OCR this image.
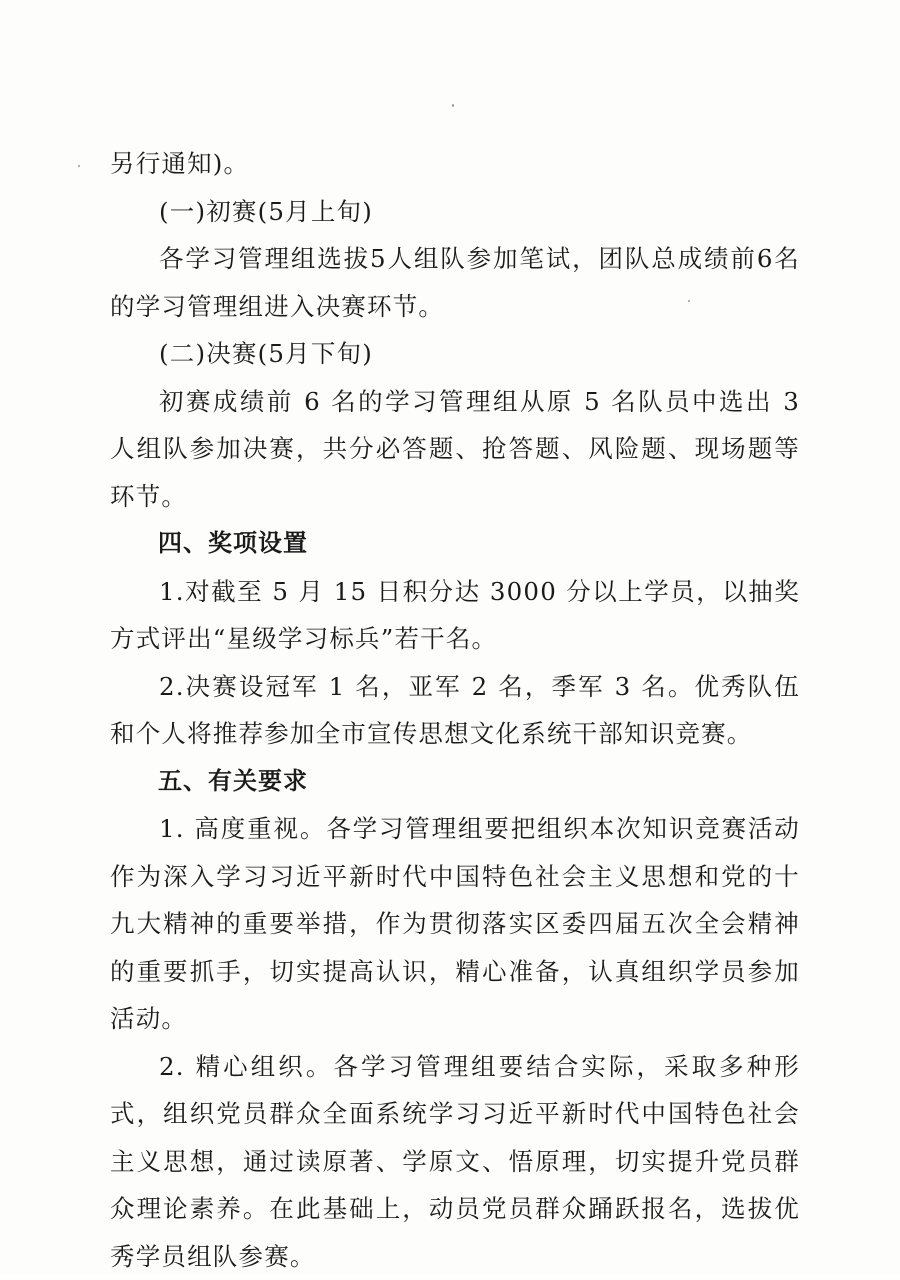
另行通知)。

(一)初赛(5月上旬)

各学习管理组选拔5人组队参加笔试，团队总成绩前6名的学习管理组进入决赛环节。

(二)决赛(5月下旬)

初赛成绩前 6 名的学习管理组从原 5 名队员中选出 3 人组队参加决赛，共分必答题、抢答题、风险题、现场题等环节。

四、奖项设置

1.对截至 5 月 15 日积分达 3000 分以上学员，以抽奖方式评出“星级学习标兵”若干名。

2.决赛设冠军 1 名，亚军 2 名，季军 3 名。优秀队伍和个人将推荐参加全市宣传思想文化系统干部知识竞赛。

五、有关要求

1. 高度重视。各学习管理组要把组织本次知识竞赛活动作为深入学习习近平新时代中国特色社会主义思想和党的十九大精神的重要举措，作为贯彻落实区委四届五次全会精神的重要抓手，切实提高认识，精心准备，认真组织学员参加活动。

2. 精心组织。各学习管理组要结合实际，采取多种形式，组织党员群众全面系统学习习近平新时代中国特色社会主义思想，通过读原著、学原文、悟原理，切实提升党员群众理论素养。在此基础上，动员党员群众踊跃报名，选拔优秀学员组队参赛。
